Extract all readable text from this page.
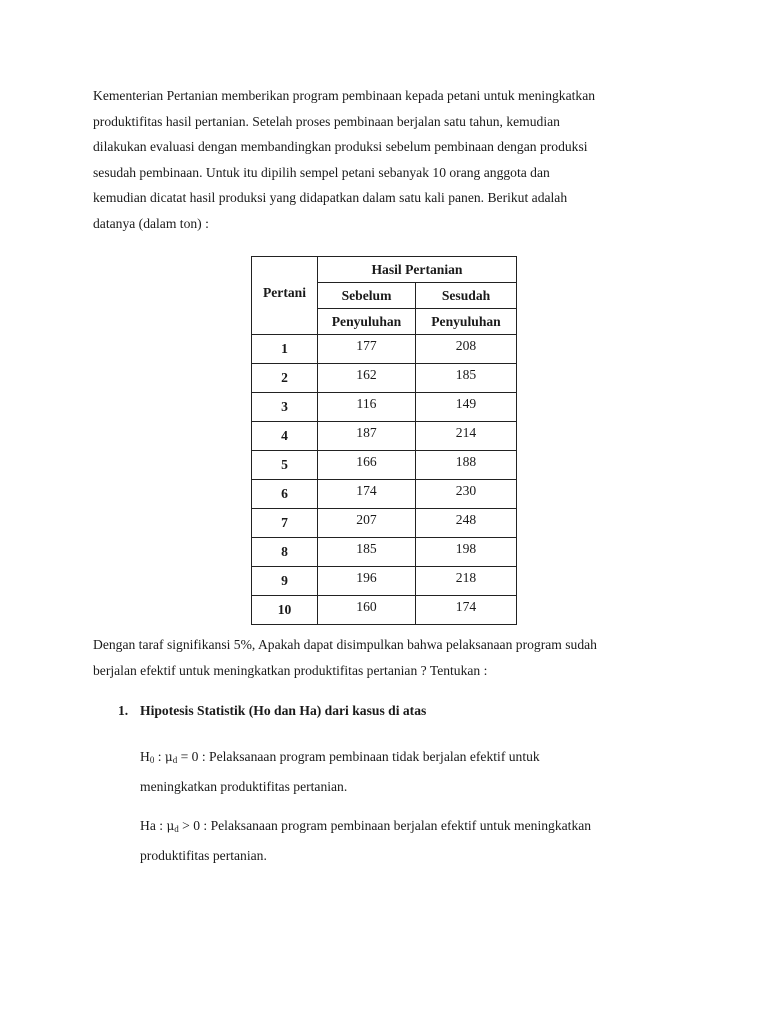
Kementerian Pertanian memberikan program pembinaan kepada petani untuk meningkatkan
produktifitas hasil pertanian. Setelah proses pembinaan berjalan satu tahun, kemudian
dilakukan evaluasi dengan membandingkan produksi sebelum pembinaan dengan produksi
sesudah pembinaan. Untuk itu dipilih sempel petani sebanyak 10 orang anggota dan
kemudian dicatat hasil produksi yang didapatkan dalam satu kali panen. Berikut adalah
datanya (dalam ton) :

Pertani	Hasil Pertanian	
	Sebelum	Sesudah
	Penyuluhan	Penyuluhan
1	177	208
2	162	185
3	116	149
4	187	214
5	166	188
6	174	230
7	207	248
8	185	198
9	196	218
10	160	174

Dengan taraf signifikansi 5%, Apakah dapat disimpulkan bahwa pelaksanaan program sudah
berjalan efektif untuk meningkatkan produktifitas pertanian ? Tentukan :

1. Hipotesis Statistik (Ho dan Ha) dari kasus di atas

$H_0$ : $\mu_d = 0$ : Pelaksanaan program pembinaan tidak berjalan efektif untuk
meningkatkan produktifitas pertanian.

Ha : $\mu_d > 0$ : Pelaksanaan program pembinaan berjalan efektif untuk meningkatkan
produktifitas pertanian.
